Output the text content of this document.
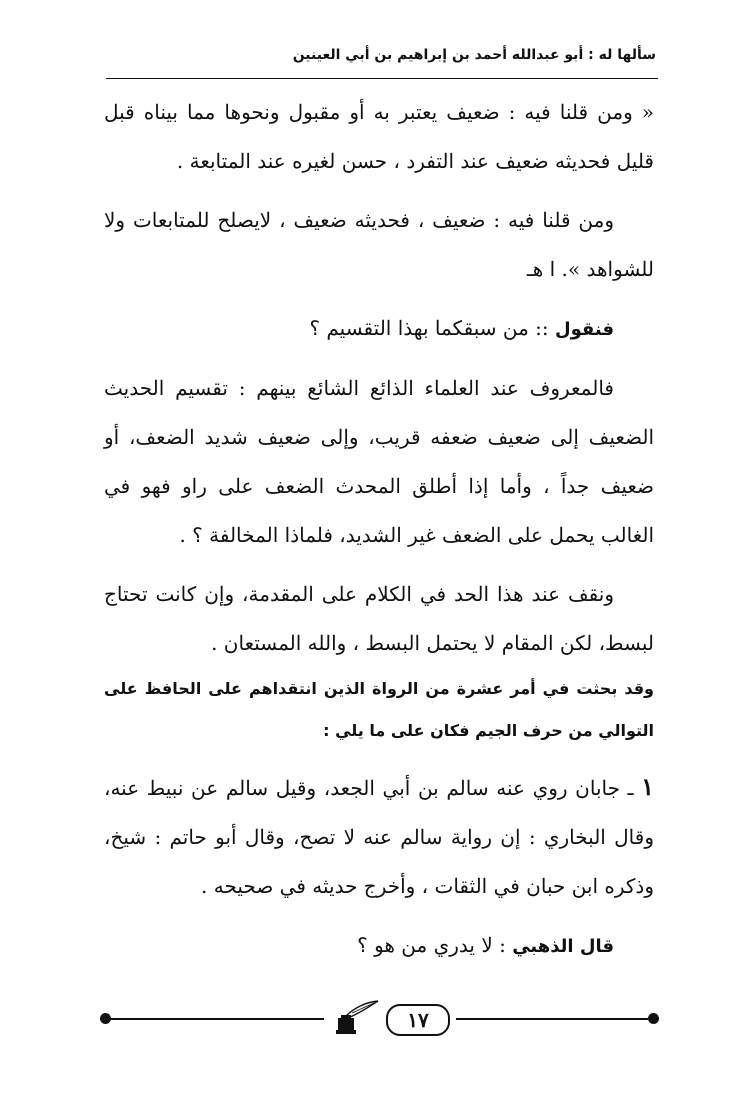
سألها له : أبو عبدالله أحمد بن إبراهيم بن أبي العينين

« ومن قلنا فيه : ضعيف يعتبر به أو مقبول ونحوها مما بيناه قبل قليل فحديثه ضعيف عند التفرد ، حسن لغيره عند المتابعة .

ومن قلنا فيه : ضعيف ، فحديثه ضعيف ، لايصلح للمتابعات ولا للشواهد ». ا هـ

فنقول :: من سبقكما بهذا التقسيم ؟

فالمعروف عند العلماء الذائع الشائع بينهم : تقسيم الحديث الضعيف إلى ضعيف ضعفه قريب، وإلى ضعيف شديد الضعف، أو ضعيف جداً ، وأما إذا أطلق المحدث الضعف على راو فهو في الغالب يحمل على الضعف غير الشديد، فلماذا المخالفة ؟ .

ونقف عند هذا الحد في الكلام على المقدمة، وإن كانت تحتاج لبسط، لكن المقام لا يحتمل البسط ، والله المستعان .

وقد بحثت في أمر عشرة من الرواة الذين انتقداهم على الحافظ على التوالي من حرف الجيم فكان على ما يلي :

١ ـ جابان روي عنه سالم بن أبي الجعد، وقيل سالم عن نبيط عنه، وقال البخاري : إن رواية سالم عنه لا تصح، وقال أبو حاتم : شيخ، وذكره ابن حبان في الثقات ، وأخرج حديثه في صحيحه .

قال الذهبي : لا يدري من هو ؟

١٧
